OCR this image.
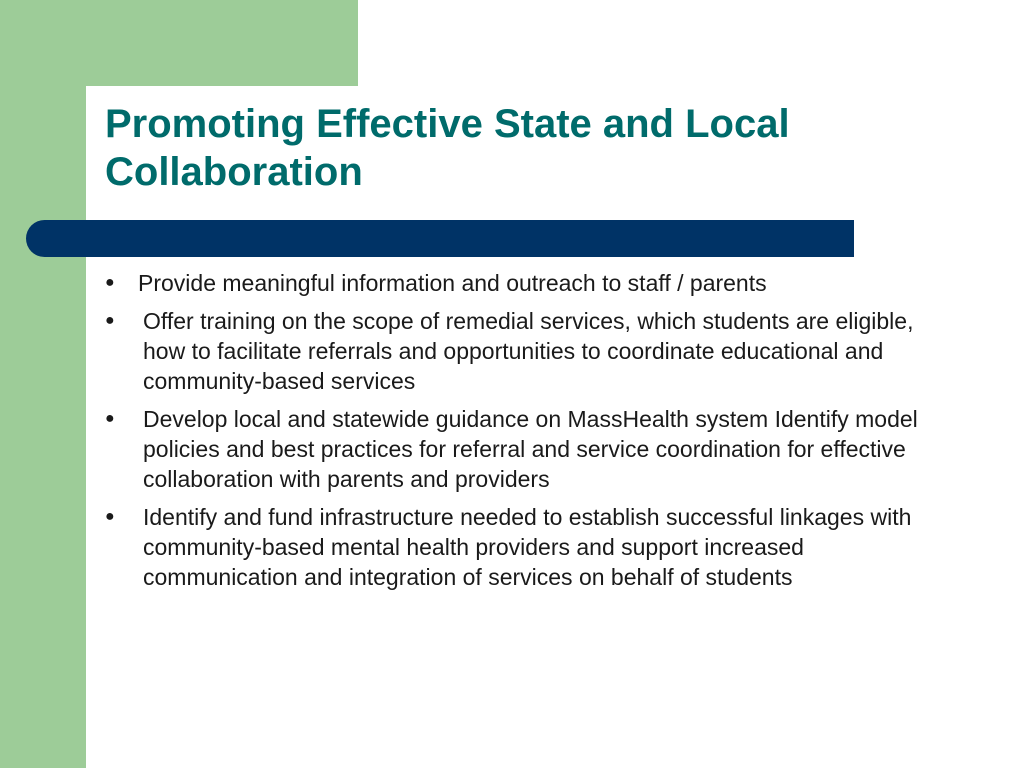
Promoting Effective State and Local Collaboration
●	Provide meaningful information and outreach to staff / parents
●	Offer training on the scope of remedial services, which students are eligible, how to facilitate referrals and opportunities to coordinate educational and community-based services
●	Develop local and statewide guidance on MassHealth system Identify model policies and best practices for referral and service coordination for effective collaboration with parents and providers
●	Identify and fund infrastructure needed to establish successful linkages with community-based mental health providers and support increased communication and integration of services on behalf of students
